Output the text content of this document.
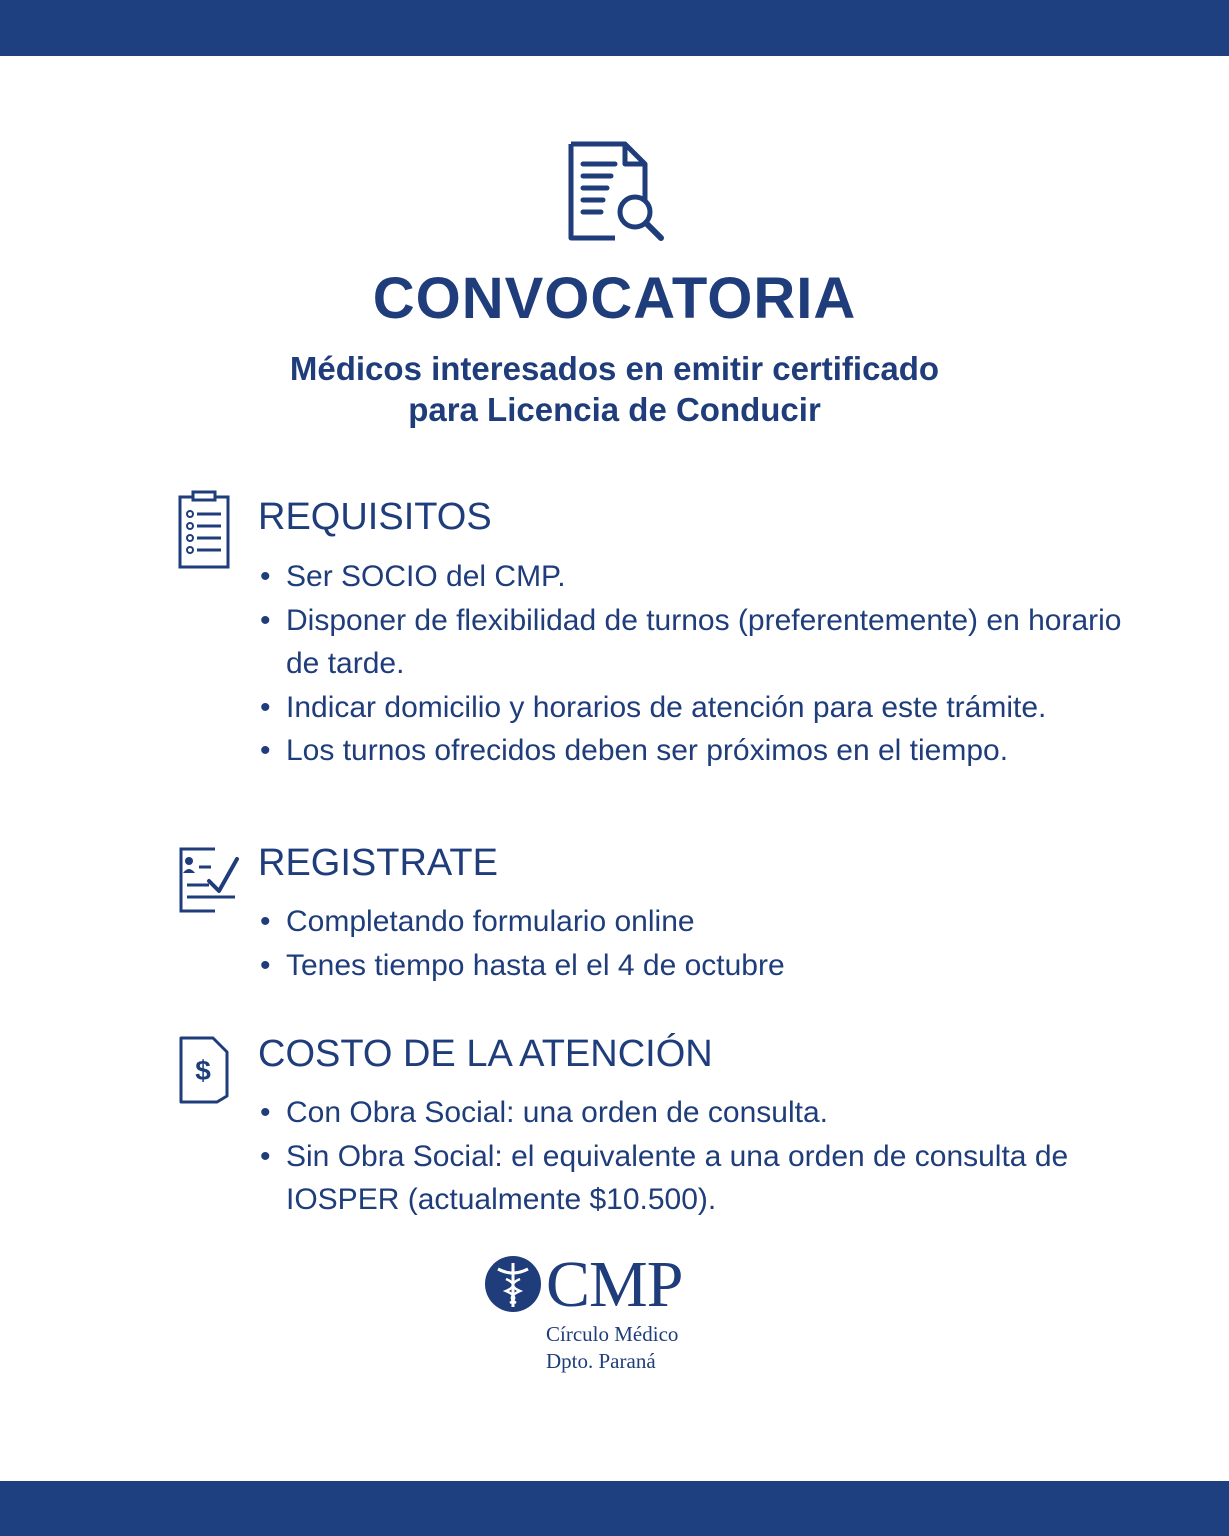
CONVOCATORIA
Médicos interesados en emitir certificado
para Licencia de Conducir
REQUISITOS
• Ser SOCIO del CMP.
• Disponer de flexibilidad de turnos (preferentemente) en horario de tarde.
• Indicar domicilio y horarios de atención para este trámite.
• Los turnos ofrecidos deben ser próximos en el tiempo.
REGISTRATE
• Completando formulario online
• Tenes tiempo hasta el el 4 de octubre
$ COSTO DE LA ATENCIÓN
• Con Obra Social: una orden de consulta.
• Sin Obra Social: el equivalente a una orden de consulta de IOSPER (actualmente $10.500).
CMP
Círculo Médico
Dpto. Paraná
